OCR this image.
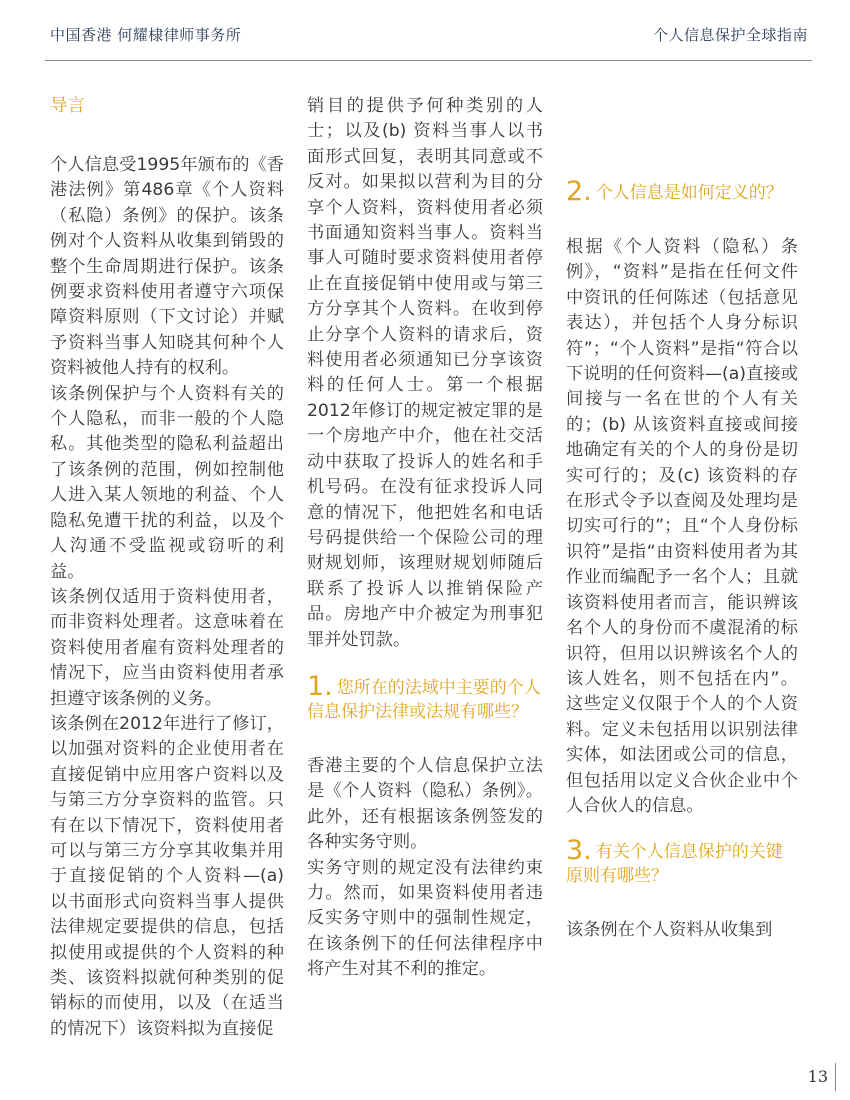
中国香港 何耀棣律师事务所	个人信息保护全球指南
导言

个人信息受1995年颁布的《香港法例》第486章《个人资料（私隐）条例》的保护。该条例对个人资料从收集到销毁的整个生命周期进行保护。该条例要求资料使用者遵守六项保障资料原则（下文讨论）并赋予资料当事人知晓其何种个人资料被他人持有的权利。

该条例保护与个人资料有关的个人隐私，而非一般的个人隐私。其他类型的隐私利益超出了该条例的范围，例如控制他人进入某人领地的利益、个人隐私免遭干扰的利益，以及个人沟通不受监视或窃听的利益。

该条例仅适用于资料使用者，而非资料处理者。这意味着在资料使用者雇有资料处理者的情况下，应当由资料使用者承担遵守该条例的义务。

该条例在2012年进行了修订，以加强对资料的企业使用者在直接促销中应用客户资料以及与第三方分享资料的监管。只有在以下情况下，资料使用者可以与第三方分享其收集并用于直接促销的个人资料—(a) 以书面形式向资料当事人提供法律规定要提供的信息，包括拟使用或提供的个人资料的种类、该资料拟就何种类别的促销标的而使用，以及（在适当的情况下）该资料拟为直接促

销目的提供予何种类别的人士；以及(b) 资料当事人以书面形式回复，表明其同意或不反对。如果拟以营利为目的分享个人资料，资料使用者必须书面通知资料当事人。资料当事人可随时要求资料使用者停止在直接促销中使用或与第三方分享其个人资料。在收到停止分享个人资料的请求后，资料使用者必须通知已分享该资料的任何人士。第一个根据2012年修订的规定被定罪的是一个房地产中介，他在社交活动中获取了投诉人的姓名和手机号码。在没有征求投诉人同意的情况下，他把姓名和电话号码提供给一个保险公司的理财规划师，该理财规划师随后联系了投诉人以推销保险产品。房地产中介被定为刑事犯罪并处罚款。

1. 您所在的法域中主要的个人信息保护法律或法规有哪些？

香港主要的个人信息保护立法是《个人资料（隐私）条例》。此外，还有根据该条例签发的各种实务守则。

实务守则的规定没有法律约束力。然而，如果资料使用者违反实务守则中的强制性规定，在该条例下的任何法律程序中将产生对其不利的推定。

2. 个人信息是如何定义的？

根据《个人资料（隐私）条例》，“资料”是指在任何文件中资讯的任何陈述（包括意见表达），并包括个人身分标识符”；“个人资料”是指“符合以下说明的任何资料—(a)直接或间接与一名在世的个人有关的；(b) 从该资料直接或间接地确定有关的个人的身份是切实可行的；及(c) 该资料的存在形式令予以查阅及处理均是切实可行的”；且“个人身份标识符”是指“由资料使用者为其作业而编配予一名个人；且就该资料使用者而言，能识辨该名个人的身份而不虞混淆的标识符，但用以识辨该名个人的该人姓名，则不包括在内”。这些定义仅限于个人的个人资料。定义未包括用以识别法律实体，如法团或公司的信息，但包括用以定义合伙企业中个人合伙人的信息。

3. 有关个人信息保护的关键原则有哪些？

该条例在个人资料从收集到

13
